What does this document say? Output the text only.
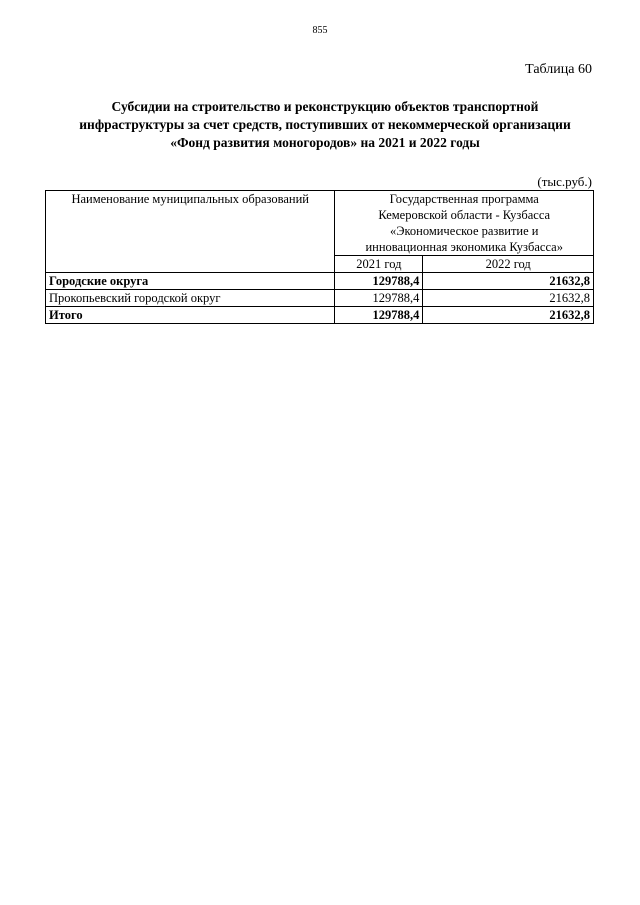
855
Таблица 60
Субсидии на строительство и реконструкцию объектов транспортной
инфраструктуры за счет средств, поступивших от некоммерческой организации
«Фонд развития моногородов» на 2021 и 2022 годы
(тыс.руб.)
Наименование муниципальных образований	Государственная программа
Кемеровской области - Кузбасса
«Экономическое развитие и
инновационная экономика Кузбасса»	

	2021 год	2022 год
Городские округа	129788,4	21632,8
Прокопьевский городской округ	129788,4	21632,8
Итого	129788,4	21632,8
